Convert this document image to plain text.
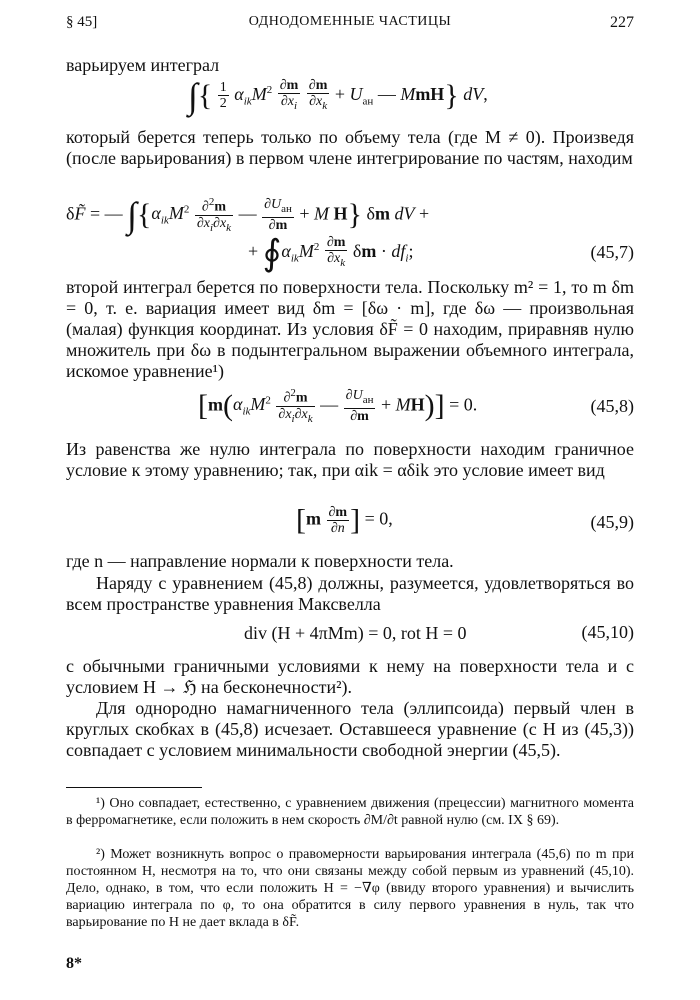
§ 45]	ОДНОДОМЕННЫЕ ЧАСТИЦЫ	227
варьируем интеграл
∫{ $\frac{1}{2} \alpha_{ik}M^2 \frac{\partial m}{\partial x_i}$
$\frac{\partial m}{\partial x_k} + U_{ан}$ — MmH} dV,
который берется теперь только по объему тела (где M ≠ 0). Произведя (после варьирования) в первом члене интегрирование по частям, находим
δF̃ = — $\int\{\alpha_{ik}M^2 \frac{\partial^2m}{\partial x_i\partial x_k}$ — $\partial U_{ан}$
∂m
+ M H} δm dV +
+ $∮\alpha_{ik}M^2 \frac{\partial m}{\partial x_k}$ $\delta m \cdot df_i$;	(45,7)
второй интеграл берется по поверхности тела. Поскольку m² = 1, то m δm = 0, т. е. вариация имеет вид δm = [δω · m], где δω — произвольная (малая) функция координат. Из условия δF̃ = 0 находим, приравняв нулю множитель при δω в подынтегральном выражении объемного интеграла, искомое уравнение¹)
[$m(\alpha_{ik}M^2 \frac{\partial^2m}{\partial x_i\partial x_k}$ — $\partial U_{ан}$
∂m
+ MH)] = 0.	(45,8)
Из равенства же нулю интеграла по поверхности находим граничное условие к этому уравнению; так, при αik = αδik это условие имеет вид
[$m \frac{\partial m}{\partial n}$ ] = 0,	(45,9)
где n — направление нормали к поверхности тела.
Наряду с уравнением (45,8) должны, разумеется, удовлетворяться во всем пространстве уравнения Максвелла
div (H + 4πMm) = 0, rot H = 0	(45,10)
с обычными граничными условиями к нему на поверхности тела и с условием H → ℌ на бесконечности²).
Для однородно намагниченного тела (эллипсоида) первый член в круглых скобках в (45,8) исчезает. Оставшееся уравнение (с H из (45,3)) совпадает с условием минимальности свободной энергии (45,5).
¹) Оно совпадает, естественно, с уравнением движения (прецессии) магнитного момента в ферромагнетике, если положить в нем скорость ∂M/∂t равной нулю (см. IX § 69).
²) Может возникнуть вопрос о правомерности варьирования интеграла (45,6) по m при постоянном H, несмотря на то, что они связаны между собой первым из уравнений (45,10). Дело, однако, в том, что если положить H = −∇φ (ввиду второго уравнения) и вычислить вариацию интеграла по φ, то она обратится в силу первого уравнения в нуль, так что варьирование по H не дает вклада в δF̃.
8*
